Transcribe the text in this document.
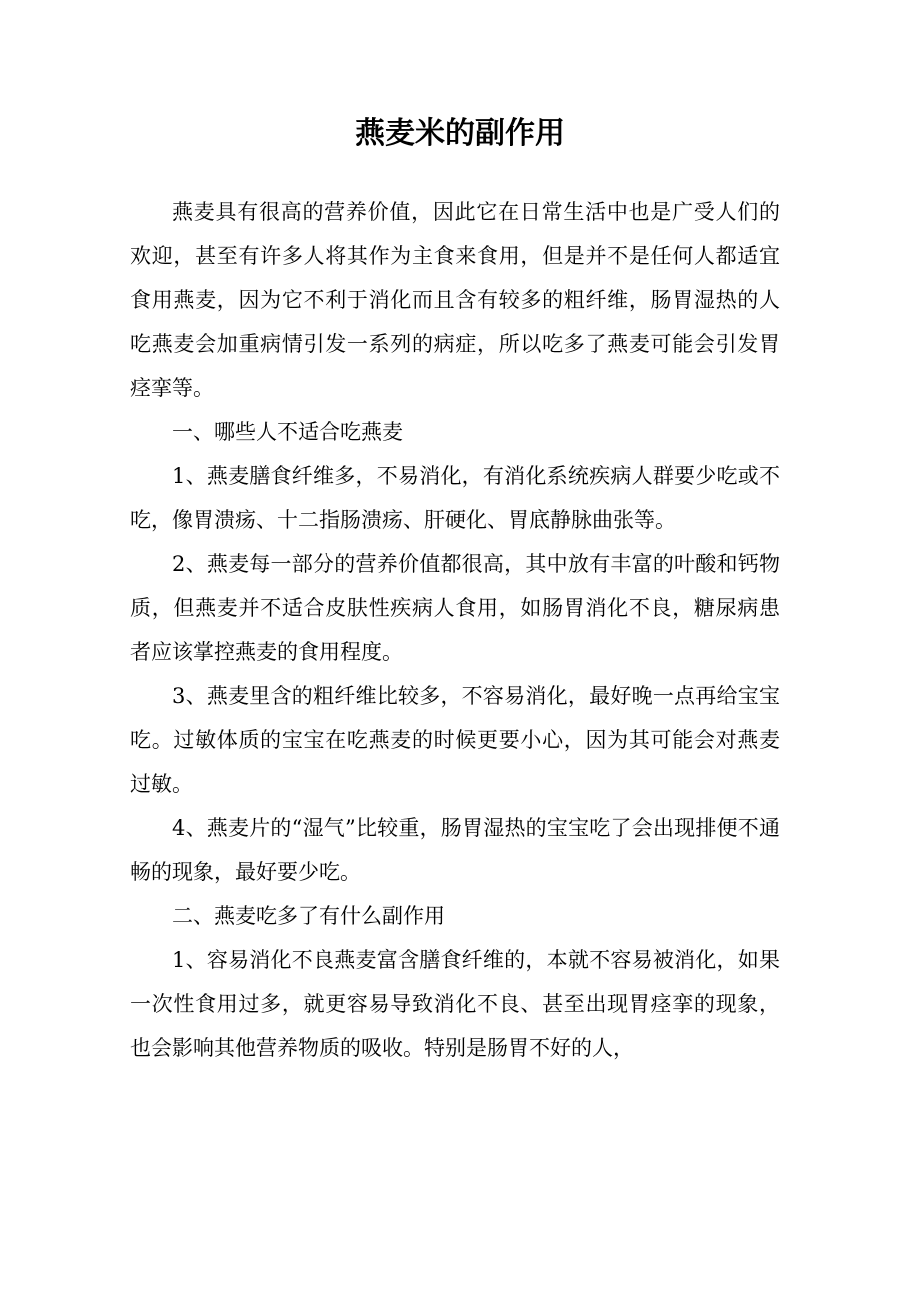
燕麦米的副作用

燕麦具有很高的营养价值，因此它在日常生活中也是广受人们的欢迎，甚至有许多人将其作为主食来食用，但是并不是任何人都适宜食用燕麦，因为它不利于消化而且含有较多的粗纤维，肠胃湿热的人吃燕麦会加重病情引发一系列的病症，所以吃多了燕麦可能会引发胃痉挛等。

一、哪些人不适合吃燕麦

1、燕麦膳食纤维多，不易消化，有消化系统疾病人群要少吃或不吃，像胃溃疡、十二指肠溃疡、肝硬化、胃底静脉曲张等。

2、燕麦每一部分的营养价值都很高，其中放有丰富的叶酸和钙物质，但燕麦并不适合皮肤性疾病人食用，如肠胃消化不良，糖尿病患者应该掌控燕麦的食用程度。

3、燕麦里含的粗纤维比较多，不容易消化，最好晚一点再给宝宝吃。过敏体质的宝宝在吃燕麦的时候更要小心，因为其可能会对燕麦过敏。

4、燕麦片的“湿气”比较重，肠胃湿热的宝宝吃了会出现排便不通畅的现象，最好要少吃。

二、燕麦吃多了有什么副作用

1、容易消化不良燕麦富含膳食纤维的，本就不容易被消化，如果一次性食用过多，就更容易导致消化不良、甚至出现胃痉挛的现象，也会影响其他营养物质的吸收。特别是肠胃不好的人，
